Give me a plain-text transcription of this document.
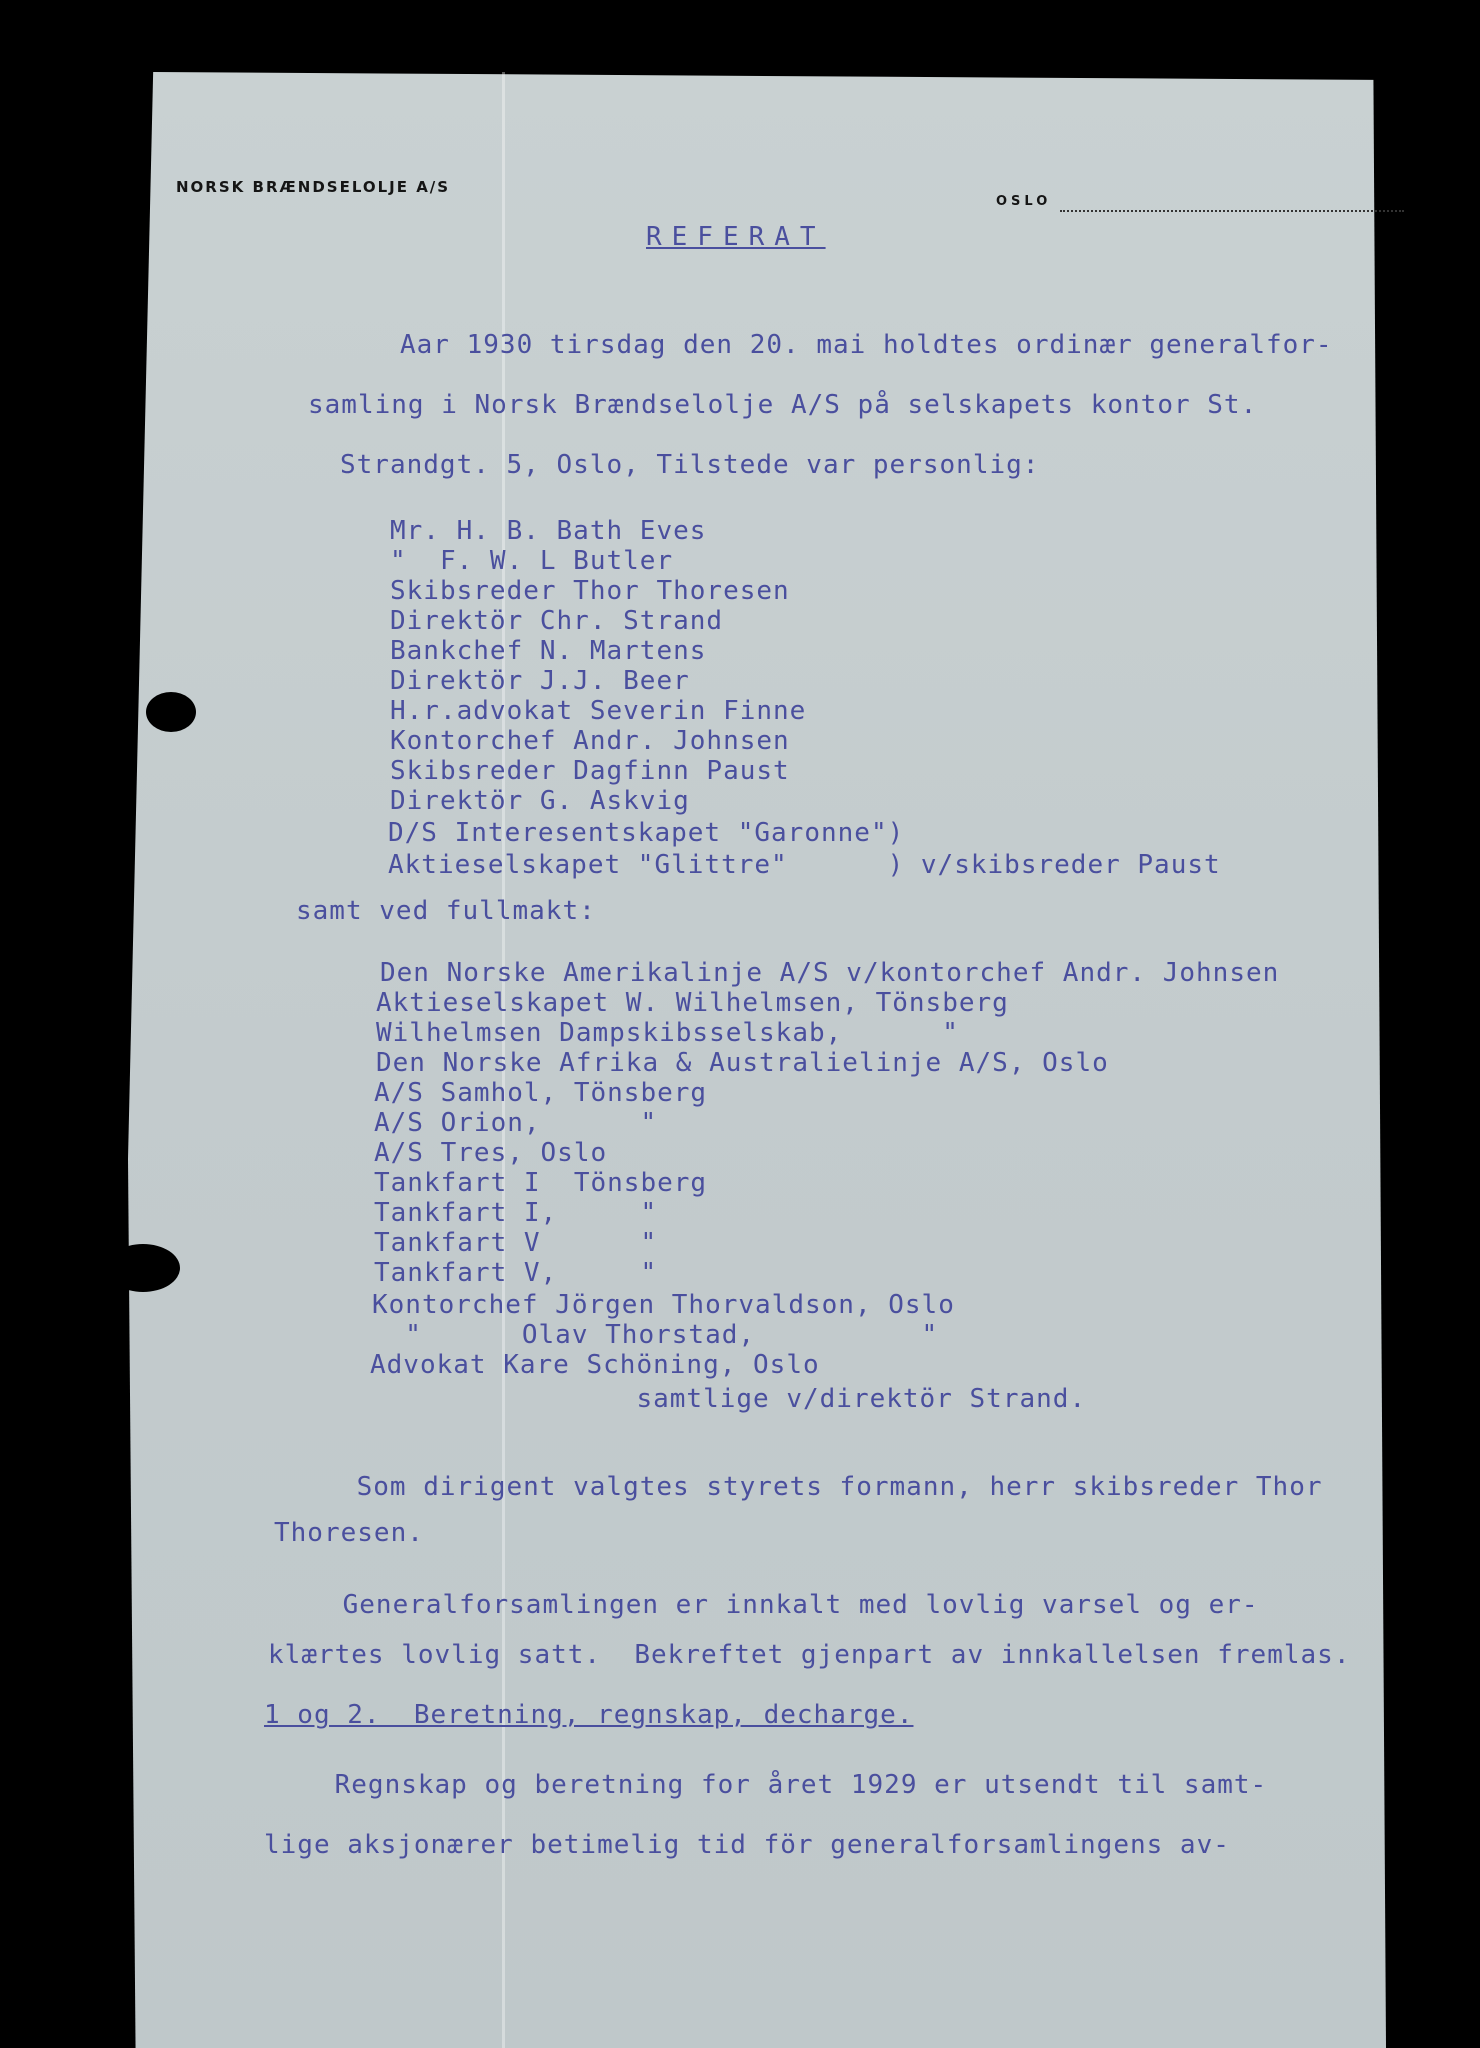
NORSK BRÆNDSELOLJE A/S
OSLO
REFERAT
Aar 1930 tirsdag den 20. mai holdtes ordinær generalfor-
samling i Norsk Brændselolje A/S på selskapets kontor St.
Strandgt. 5, Oslo, Tilstede var personlig:
Mr. H. B. Bath Eves
"  F. W. L Butler
Skibsreder Thor Thoresen
Direktör Chr. Strand
Bankchef N. Martens
Direktör J.J. Beer
H.r.advokat Severin Finne
Kontorchef Andr. Johnsen
Skibsreder Dagfinn Paust
Direktör G. Askvig
D/S Interesentskapet "Garonne")
Aktieselskapet "Glittre"      ) v/skibsreder Paust
samt ved fullmakt:
Den Norske Amerikalinje A/S v/kontorchef Andr. Johnsen
Aktieselskapet W. Wilhelmsen, Tönsberg
Wilhelmsen Dampskibsselskab,      "
Den Norske Afrika & Australielinje A/S, Oslo
A/S Samhol, Tönsberg
A/S Orion,      "
A/S Tres, Oslo
Tankfart I  Tönsberg
Tankfart I,     "
Tankfart V      "
Tankfart V,     "
Kontorchef Jörgen Thorvaldson, Oslo
"      Olav Thorstad,          "
Advokat Kare Schöning, Oslo
samtlige v/direktör Strand.
Som dirigent valgtes styrets formann, herr skibsreder Thor
Thoresen.
Generalforsamlingen er innkalt med lovlig varsel og er-
klærtes lovlig satt.  Bekreftet gjenpart av innkallelsen fremlas.
1 og 2.  Beretning, regnskap, decharge.
Regnskap og beretning for året 1929 er utsendt til samt-
lige aksjonærer betimelig tid för generalforsamlingens av-
